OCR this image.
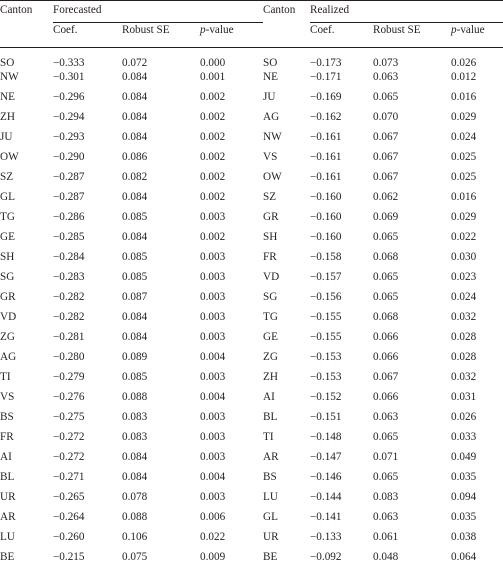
Canton	Forecasted			Canton	Realized		
	Coef.	Robust SE	p-value		Coef.	Robust SE	p-value
SO	−0.333	0.072	0.000	SO	−0.173	0.073	0.026
NW	−0.301	0.084	0.001	NE	−0.171	0.063	0.012
NE	−0.296	0.084	0.002	JU	−0.169	0.065	0.016
ZH	−0.294	0.084	0.002	AG	−0.162	0.070	0.029
JU	−0.293	0.084	0.002	NW	−0.161	0.067	0.024
OW	−0.290	0.086	0.002	VS	−0.161	0.067	0.025
SZ	−0.287	0.082	0.002	OW	−0.161	0.067	0.025
GL	−0.287	0.084	0.002	SZ	−0.160	0.062	0.016
TG	−0.286	0.085	0.003	GR	−0.160	0.069	0.029
GE	−0.285	0.084	0.002	SH	−0.160	0.065	0.022
SH	−0.284	0.085	0.003	FR	−0.158	0.068	0.030
SG	−0.283	0.085	0.003	VD	−0.157	0.065	0.023
GR	−0.282	0.087	0.003	SG	−0.156	0.065	0.024
VD	−0.282	0.084	0.003	TG	−0.155	0.068	0.032
ZG	−0.281	0.084	0.003	GE	−0.155	0.066	0.028
AG	−0.280	0.089	0.004	ZG	−0.153	0.066	0.028
TI	−0.279	0.085	0.003	ZH	−0.153	0.067	0.032
VS	−0.276	0.088	0.004	AI	−0.152	0.066	0.031
BS	−0.275	0.083	0.003	BL	−0.151	0.063	0.026
FR	−0.272	0.083	0.003	TI	−0.148	0.065	0.033
AI	−0.272	0.084	0.003	AR	−0.147	0.071	0.049
BL	−0.271	0.084	0.004	BS	−0.146	0.065	0.035
UR	−0.265	0.078	0.003	LU	−0.144	0.083	0.094
AR	−0.264	0.088	0.006	GL	−0.141	0.063	0.035
LU	−0.260	0.106	0.022	UR	−0.133	0.061	0.038
BE	−0.215	0.075	0.009	BE	−0.092	0.048	0.064
